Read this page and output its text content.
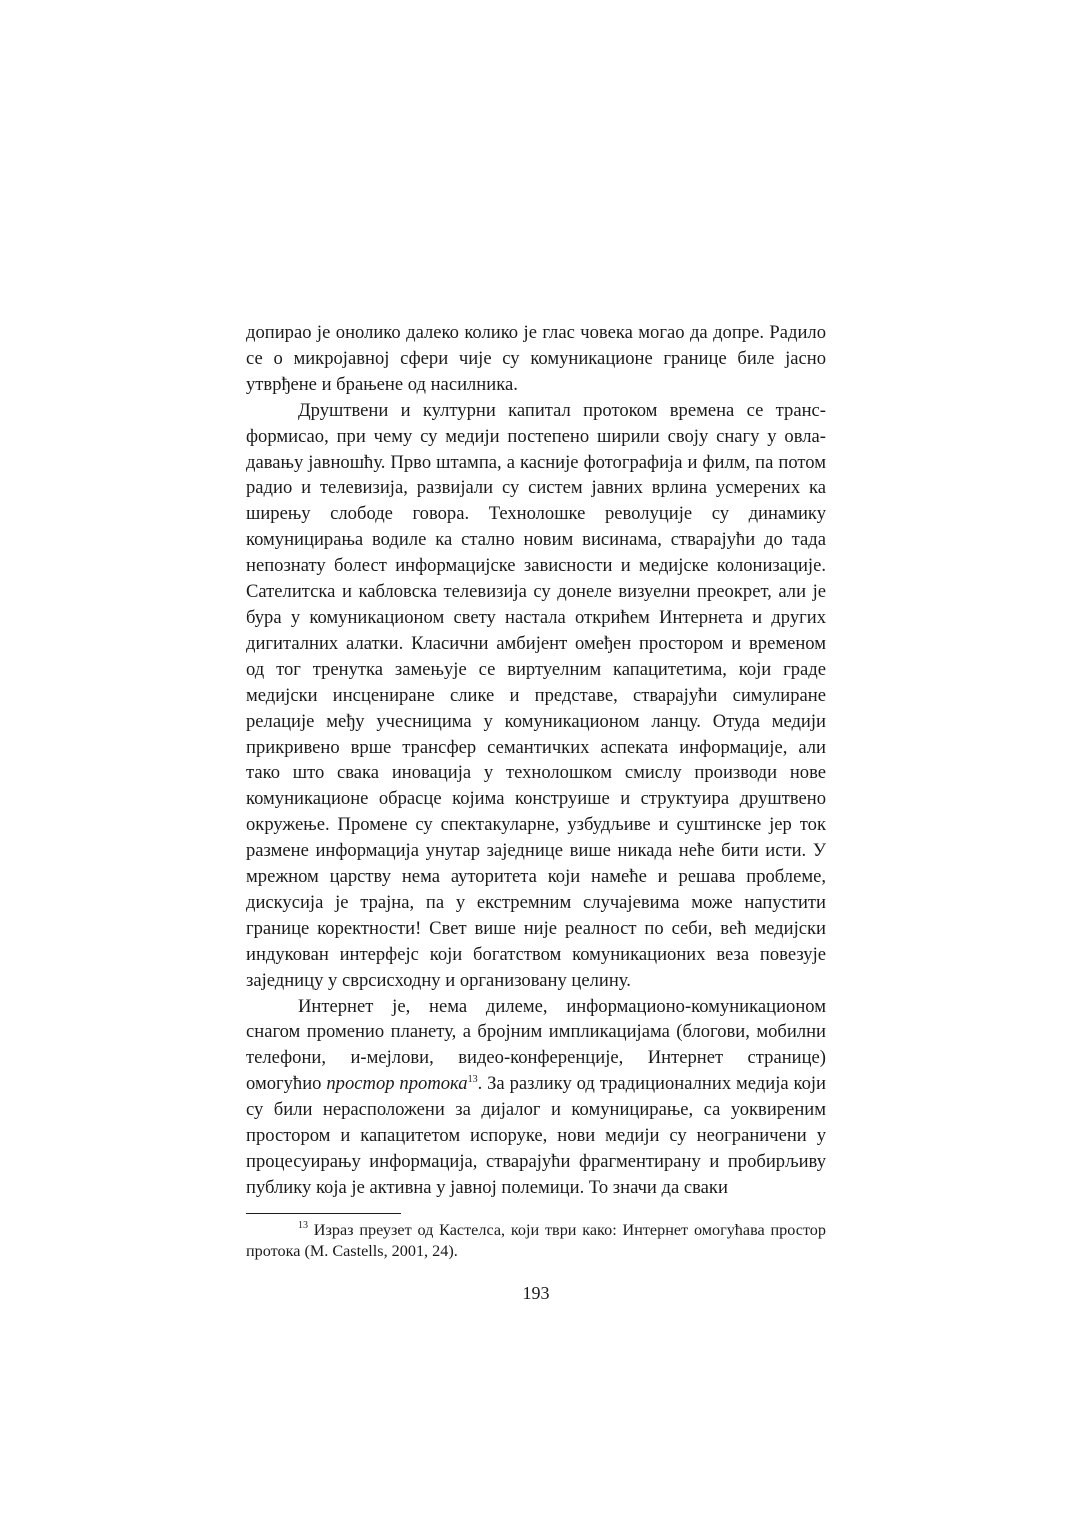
допирао је онолико далеко колико је глас човека могао да допре. Радило се о микројавној сфери чије су комуникационе границе биле јасно утврђене и брањене од насилника.

Друштвени и културни капитал протоком времена се трансформисао, при чему су медији постепено ширили своју снагу у овладавању јавношћу. Прво штампа, а касније фотографија и филм, па потом радио и телевизија, развијали су систем јавних врлина усмерених ка ширењу слободе говора. Технолошке револуције су динамику комуницирања водиле ка стално новим висинама, стварајући до тада непознату болест информацијске зависности и медијске колонизације. Сателитска и кабловска телевизија су донеле визуелни преокрет, али је бура у комуникационом свету настала открићем Интернета и других дигиталних алатки. Класични амбијент омеђен простором и временом од тог тренутка замењује се виртуелним капацитетима, који граде медијски инсцениране слике и представе, стварајући симулиране релације међу учесницима у комуникационом ланцу. Отуда медији прикривено врше трансфер семантичких аспеката информације, али тако што свака иновација у технолошком смислу производи нове комуникационе обрасце којима конструише и структуира друштвено окружење. Промене су спектакуларне, узбудљиве и суштинске јер ток размене информација унутар заједнице више никада неће бити исти. У мрежном царству нема ауторитета који намеће и решава проблеме, дискусија је трајна, па у екстремним случајевима може напустити границе коректности! Свет више није реалност по себи, већ медијски индукован интерфејс који богатством комуникационих веза повезује заједницу у сврсисходну и организовану целину.

Интернет је, нема дилеме, информационо-комуникационом снагом променио планету, а бројним импликацијама (блогови, мобилни телефони, и-мејлови, видео-конференције, Интернет странице) омогућио простор протока$^{13}$. За разлику од традиционалних медија који су били нерасположени за дијалог и комуницирање, са уоквиреним простором и капацитетом испоруке, нови медији су неограничени у процесуирању информација, стварајући фрагментирану и пробирљиву публику која је активна у јавној полемици. То значи да сваки

$^{13}$ Израз преузет од Кастелса, који тври како: Интернет омогућава простор протока (M. Castells, 2001, 24).

193
